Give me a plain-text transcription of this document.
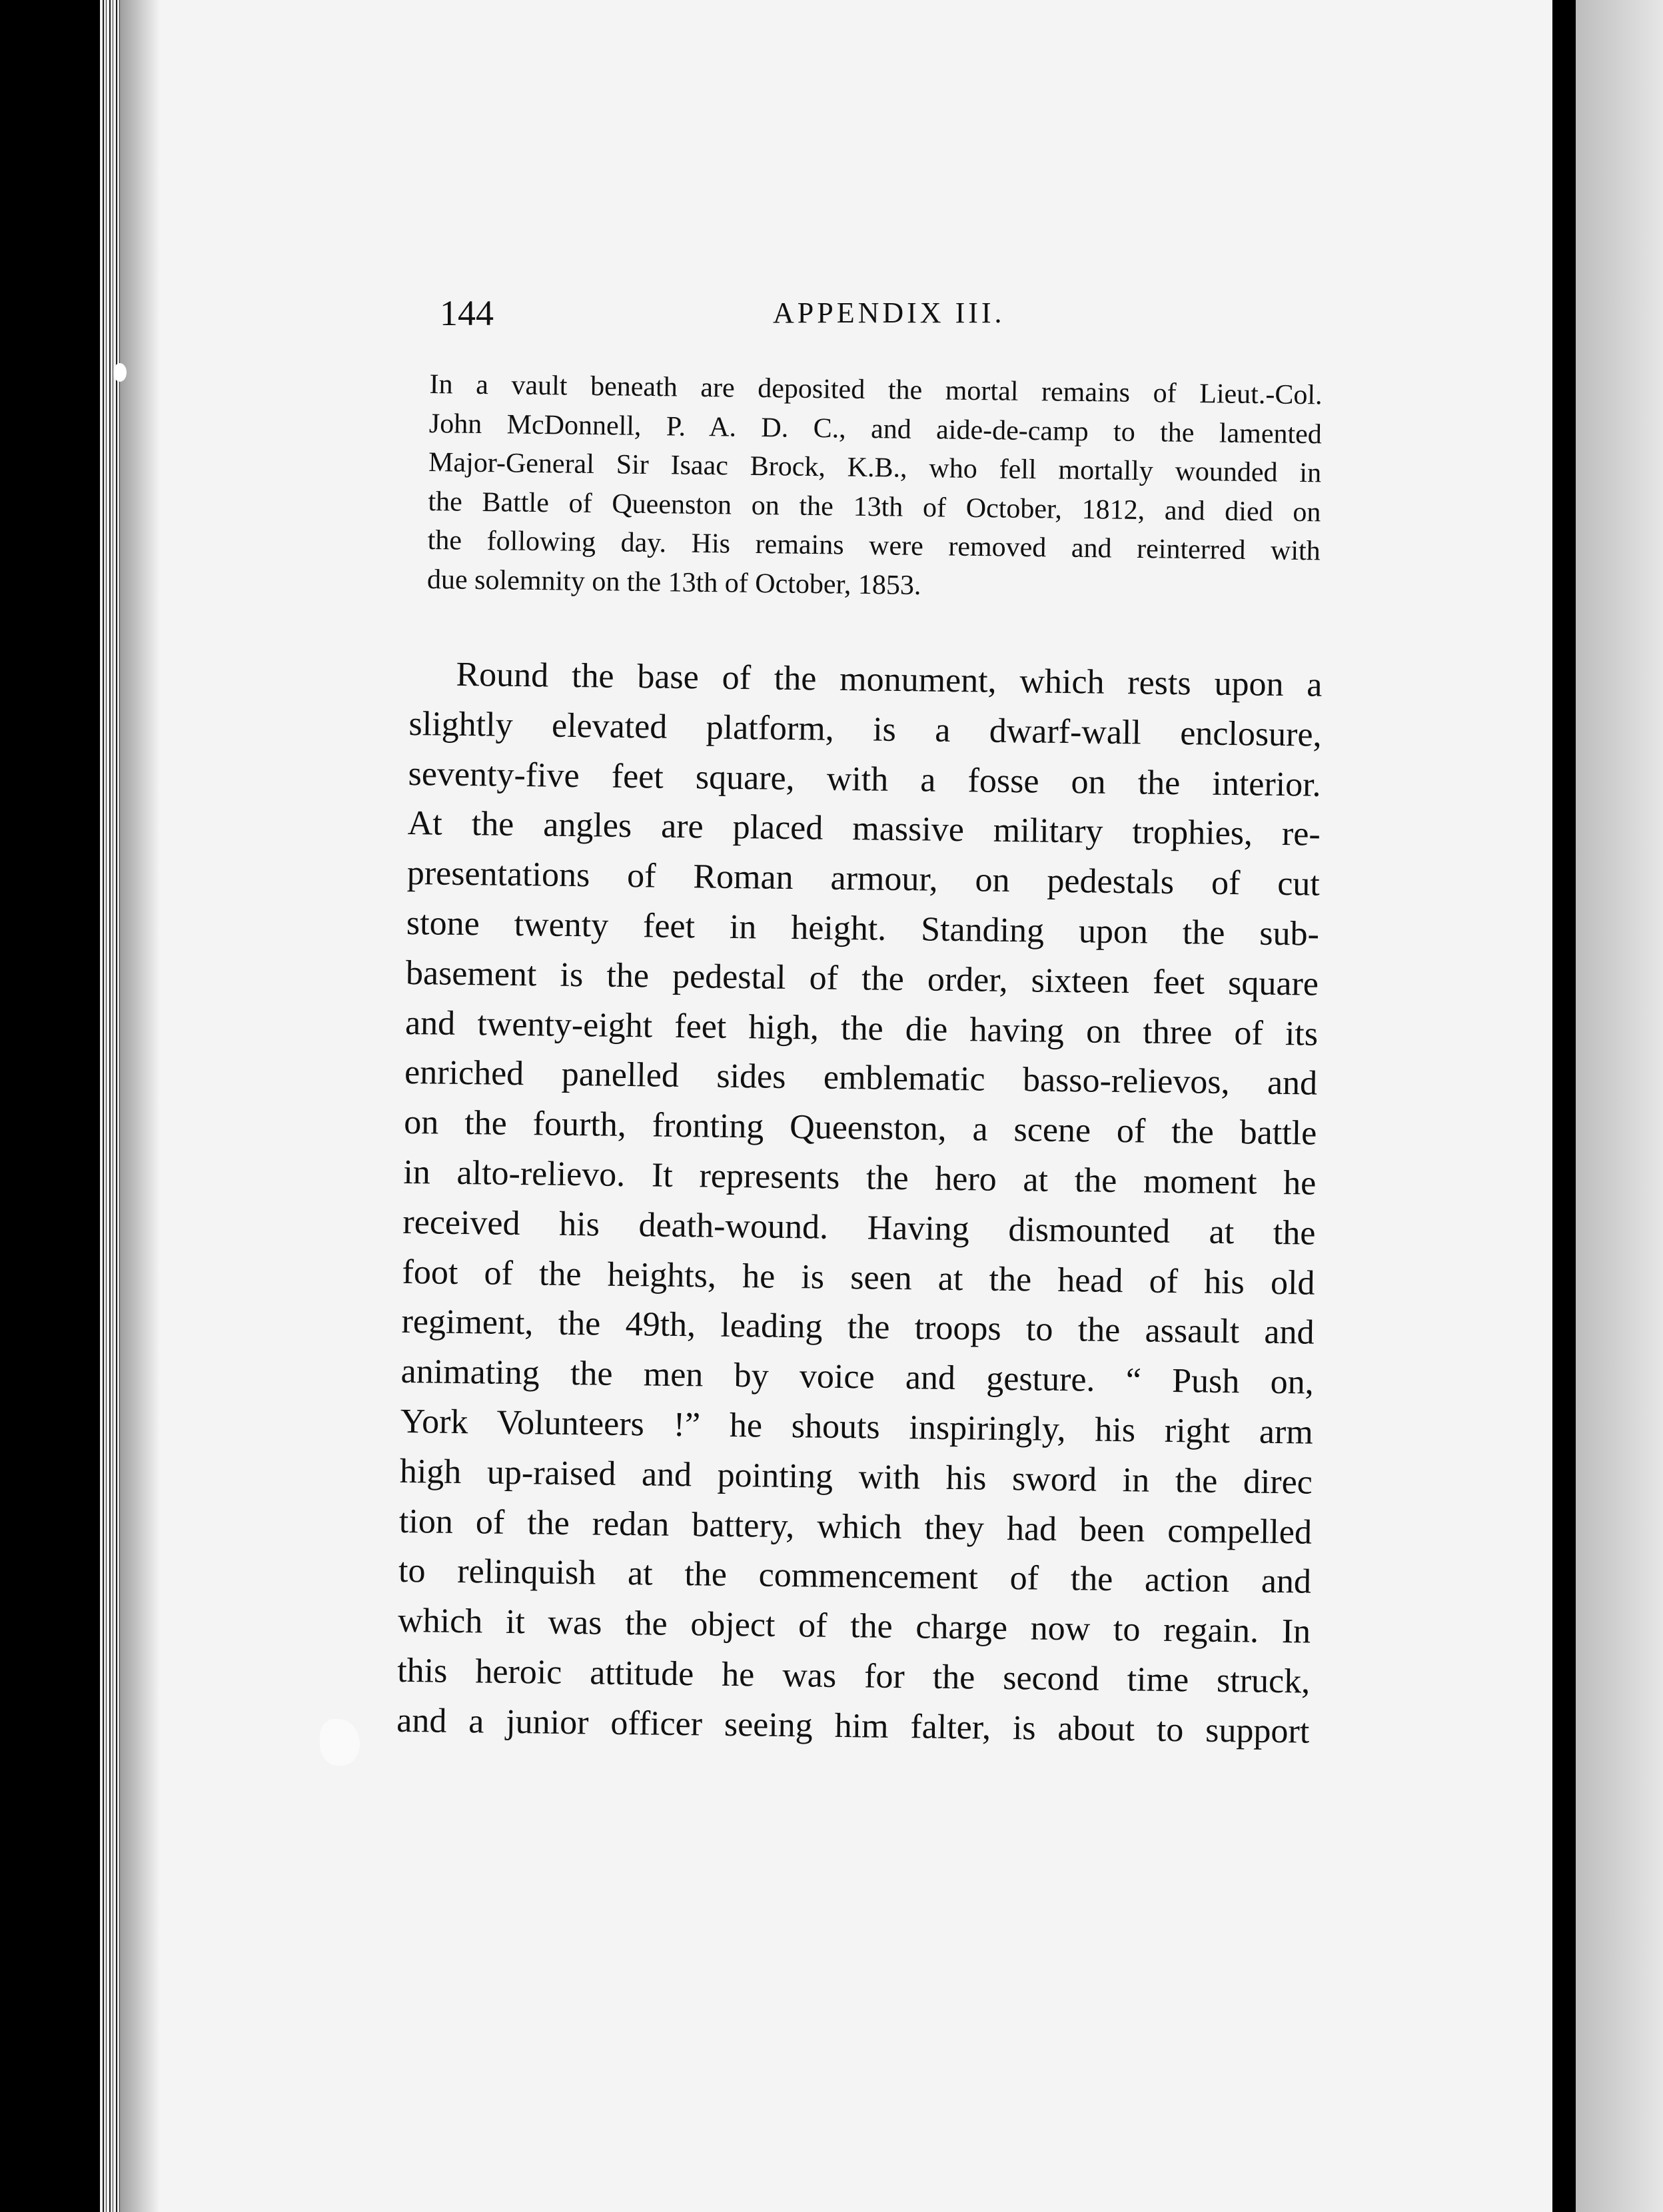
144	APPENDIX III.
In a vault beneath are deposited the mortal remains of Lieut.-Col.
John McDonnell, P. A. D. C., and aide-de-camp to the lamented
Major-General Sir Isaac Brock, K.B., who fell mortally wounded in
the Battle of Queenston on the 13th of October, 1812, and died on
the following day. His remains were removed and reinterred with
due solemnity on the 13th of October, 1853.
Round the base of the monument, which rests upon a
slightly elevated platform, is a dwarf-wall enclosure,
seventy-five feet square, with a fosse on the interior.
At the angles are placed massive military trophies, re-
presentations of Roman armour, on pedestals of cut
stone twenty feet in height. Standing upon the sub-
basement is the pedestal of the order, sixteen feet square
and twenty-eight feet high, the die having on three of its
enriched panelled sides emblematic basso-relievos, and
on the fourth, fronting Queenston, a scene of the battle
in alto-relievo. It represents the hero at the moment he
received his death-wound. Having dismounted at the
foot of the heights, he is seen at the head of his old
regiment, the 49th, leading the troops to the assault and
animating the men by voice and gesture. “ Push on,
York Volunteers !” he shouts inspiringly, his right arm
high up-raised and pointing with his sword in the direc
tion of the redan battery, which they had been compelled
to relinquish at the commencement of the action and
which it was the object of the charge now to regain. In
this heroic attitude he was for the second time struck,
and a junior officer seeing him falter, is about to support
